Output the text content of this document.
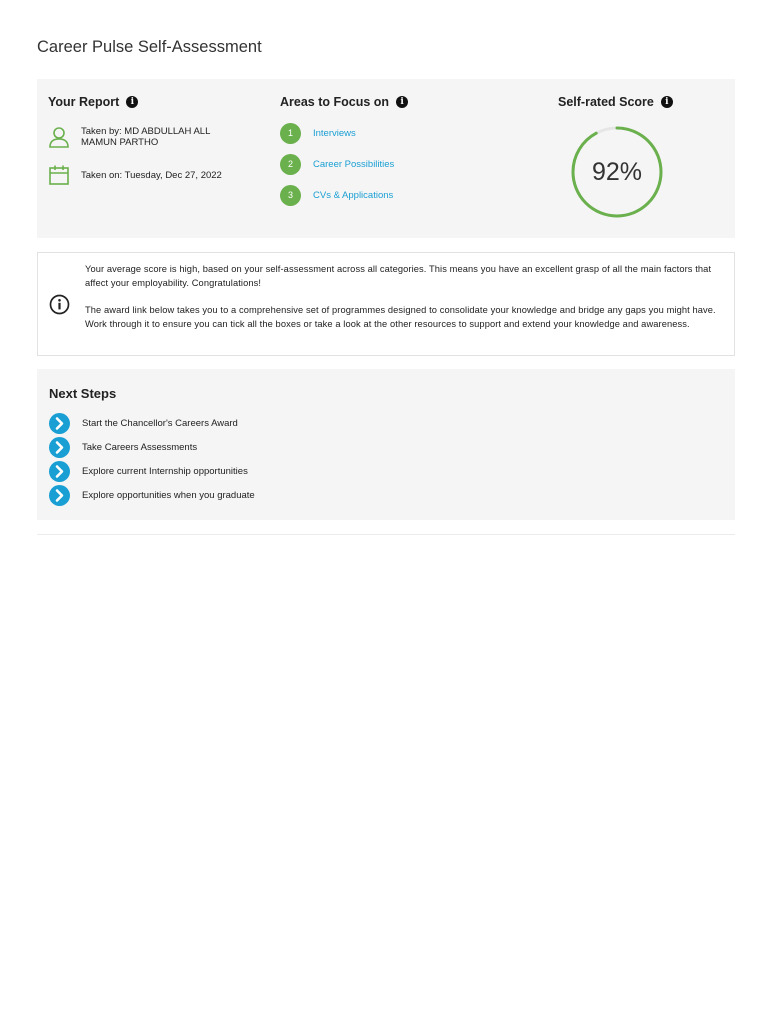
Career Pulse Self-Assessment
Your Report	i
Taken by: MD ABDULLAH ALL MAMUN PARTHO
Taken on: Tuesday, Dec 27, 2022
Areas to Focus on	i
1	Interviews
2	Career Possibilities
3	CVs & Applications
Self-rated Score	i
92%

Your average score is high, based on your self-assessment across all categories. This means you have an excellent grasp of all the main factors that affect your employability. Congratulations!

The award link below takes you to a comprehensive set of programmes designed to consolidate your knowledge and bridge any gaps you might have. Work through it to ensure you can tick all the boxes or take a look at the other resources to support and extend your knowledge and awareness.

Next Steps
Start the Chancellor's Careers Award
Take Careers Assessments
Explore current Internship opportunities
Explore opportunities when you graduate
